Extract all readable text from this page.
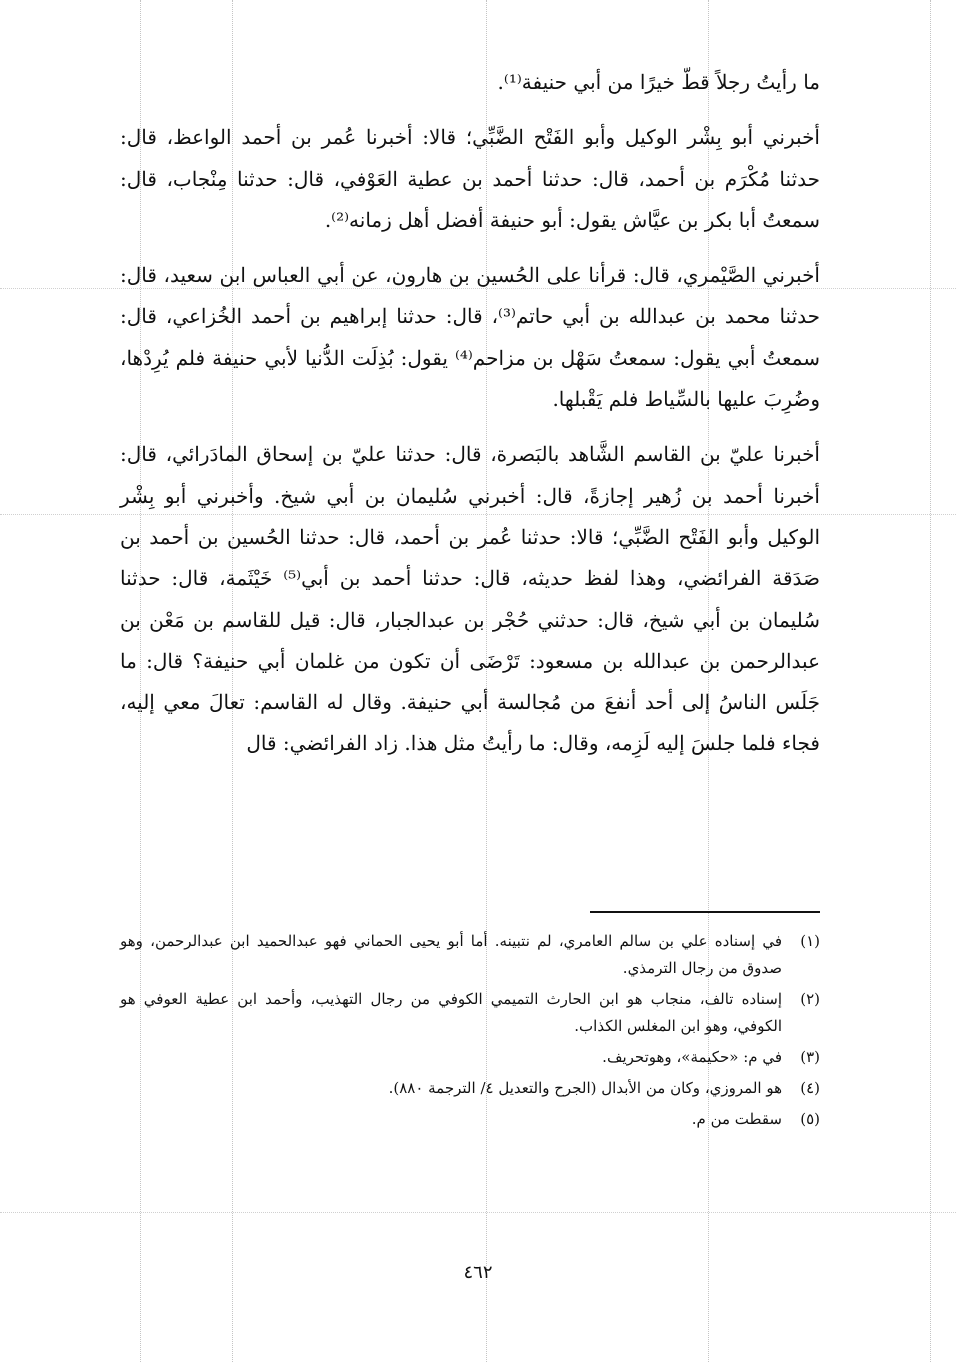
ما رأيتُ رجلاً قطّ خيرًا من أبي حنيفة⁽¹⁾.

أخبرني أبو بِشْر الوكيل وأبو الفَتْح الضَّبِّي؛ قالا: أخبرنا عُمر بن أحمد الواعظ، قال: حدثنا مُكْرَم بن أحمد، قال: حدثنا أحمد بن عطية العَوْفي، قال: حدثنا مِنْجاب، قال: سمعتُ أبا بكر بن عيَّاش يقول: أبو حنيفة أفضل أهل زمانه⁽²⁾.

أخبرني الصَّيْمري، قال: قرأنا على الحُسين بن هارون، عن أبي العباس ابن سعيد، قال: حدثنا محمد بن عبدالله بن أبي حاتم⁽³⁾، قال: حدثنا إبراهيم بن أحمد الخُزاعي، قال: سمعتُ أبي يقول: سمعتُ سَهْل بن مزاحم⁽⁴⁾ يقول: بُذِلَت الدُّنيا لأبي حنيفة فلم يُرِدْها، وضُرِبَ عليها بالسِّياط فلم يَقْبلها.

أخبرنا عليّ بن القاسم الشَّاهد بالبَصرة، قال: حدثنا عليّ بن إسحاق المادَرائي، قال: أخبرنا أحمد بن زُهير إجازةً، قال: أخبرني سُليمان بن أبي شيخ. وأخبرني أبو بِشْر الوكيل وأبو الفَتْح الضَّبِّي؛ قالا: حدثنا عُمر بن أحمد، قال: حدثنا الحُسين بن أحمد بن صَدَقة الفرائضي، وهذا لفظ حديثه، قال: حدثنا أحمد بن أبي⁽⁵⁾ خَيْثَمة، قال: حدثنا سُليمان بن أبي شيخ، قال: حدثني حُجْر بن عبدالجبار، قال: قيل للقاسم بن مَعْن بن عبدالرحمن بن عبدالله بن مسعود: تَرْضَى أن تكون من غلمان أبي حنيفة؟ قال: ما جَلَس الناسُ إلى أحد أنفعَ من مُجالسة أبي حنيفة. وقال له القاسم: تعالَ معي إليه، فجاء فلما جلسَ إليه لَزِمه، وقال: ما رأيتُ مثل هذا. زاد الفرائضي: قال

(١)
في إسناده علي بن سالم العامري، لم نتبينه. أما أبو يحيى الحماني فهو عبدالحميد ابن عبدالرحمن، وهو صدوق من رجال الترمذي.
(٢)
إسناده تالف، منجاب هو ابن الحارث التميمي الكوفي من رجال التهذيب، وأحمد ابن عطية العوفي هو الكوفي، وهو ابن المغلس الكذاب.
(٣)
في م: «حكيمة»، وهوتحريف.
(٤)
هو المروزي، وكان من الأبدال (الجرح والتعديل ٤/ الترجمة ٨٨٠).
(٥)
سقطت من م.
٤٦٢
